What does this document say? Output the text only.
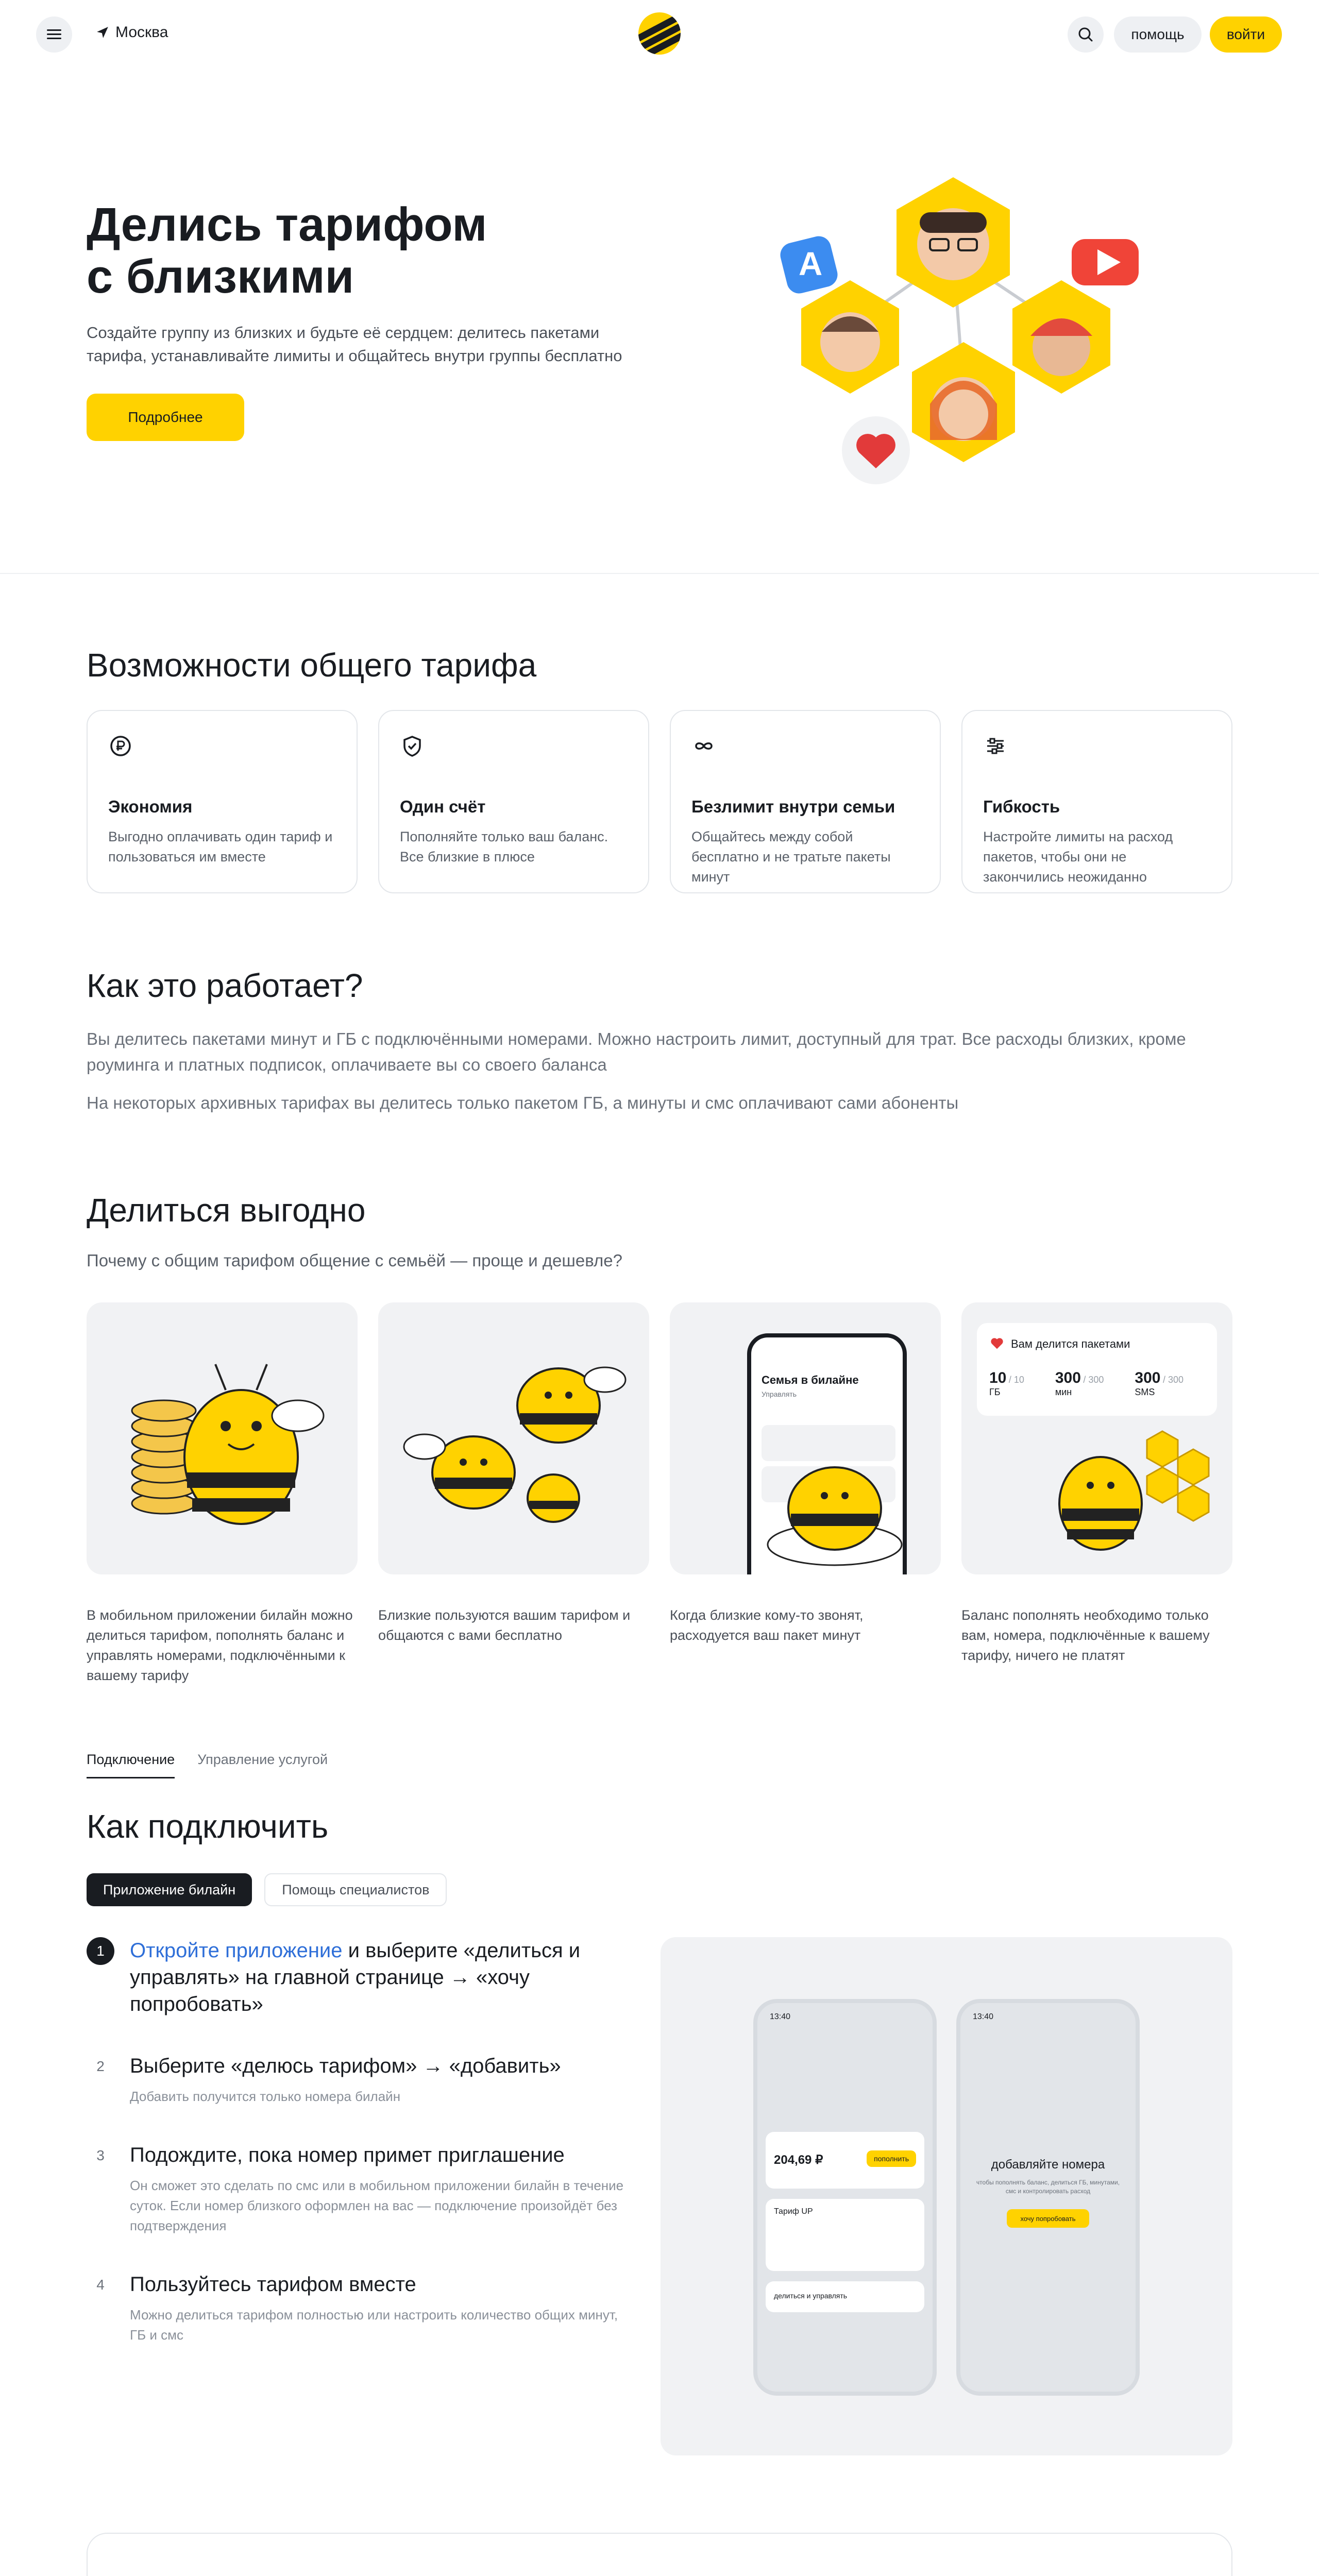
Москва	помощь	войти
Делись тарифом
с близкими

Создайте группу из близких и будьте её сердцем: делитесь пакетами тарифа, устанавливайте лимиты и общайтесь внутри группы бесплатно

Подробнее
A
Возможности общего тарифа
Экономия

Выгодно оплачивать один тариф и пользоваться им вместе

Один счёт

Пополняйте только ваш баланс. Все близкие в плюсе

Безлимит внутри семьи

Общайтесь между собой бесплатно и не тратьте пакеты минут

Гибкость

Настройте лимиты на расход пакетов, чтобы они не закончились неожиданно

Как это работает?

Вы делитесь пакетами минут и ГБ с подключёнными номерами. Можно настроить лимит, доступный для трат. Все расходы близких, кроме роуминга и платных подписок, оплачиваете вы со своего баланса

На некоторых архивных тарифах вы делитесь только пакетом ГБ, а минуты и смс оплачивают сами абоненты

Делиться выгодно

Почему с общим тарифом общение с семьёй — проще и дешевле?

В мобильном приложении билайн можно делиться тарифом, пополнять баланс и управлять номерами, подключёнными к вашему тарифу

Близкие пользуются вашим тарифом и общаются с вами бесплатно

Семья в билайне
Управлять

Когда близкие кому-то звонят, расходуется ваш пакет минут

Вам делится пакетами
10 / 10
ГБ
300 / 300
мин
300 / 300
SMS

Баланс пополнять необходимо только вам, номера, подключённые к вашему тарифу, ничего не платят

Подключение Управление услугой
Как подключить
Приложение билайн	Помощь специалистов
1	Откройте приложение и выберите «делиться и управлять» на главной странице → «хочу попробовать»
2	Выберите «делюсь тарифом» → «добавить»

Добавить получится только номера билайн

3	Подождите, пока номер примет приглашение

Он сможет это сделать по смс или в мобильном приложении билайн в течение суток. Если номер близкого оформлен на вас — подключение произойдёт без подтверждения

4	Пользуйтесь тарифом вместе

Можно делиться тарифом полностью или настроить количество общих минут, ГБ и смс

13:40
204,69 ₽	пополнить
Тариф UP
делиться и управлять
13:40
добавляйте номера
чтобы пополнять баланс, делиться ГБ, минутами, смс и контролировать расход
хочу попробовать
